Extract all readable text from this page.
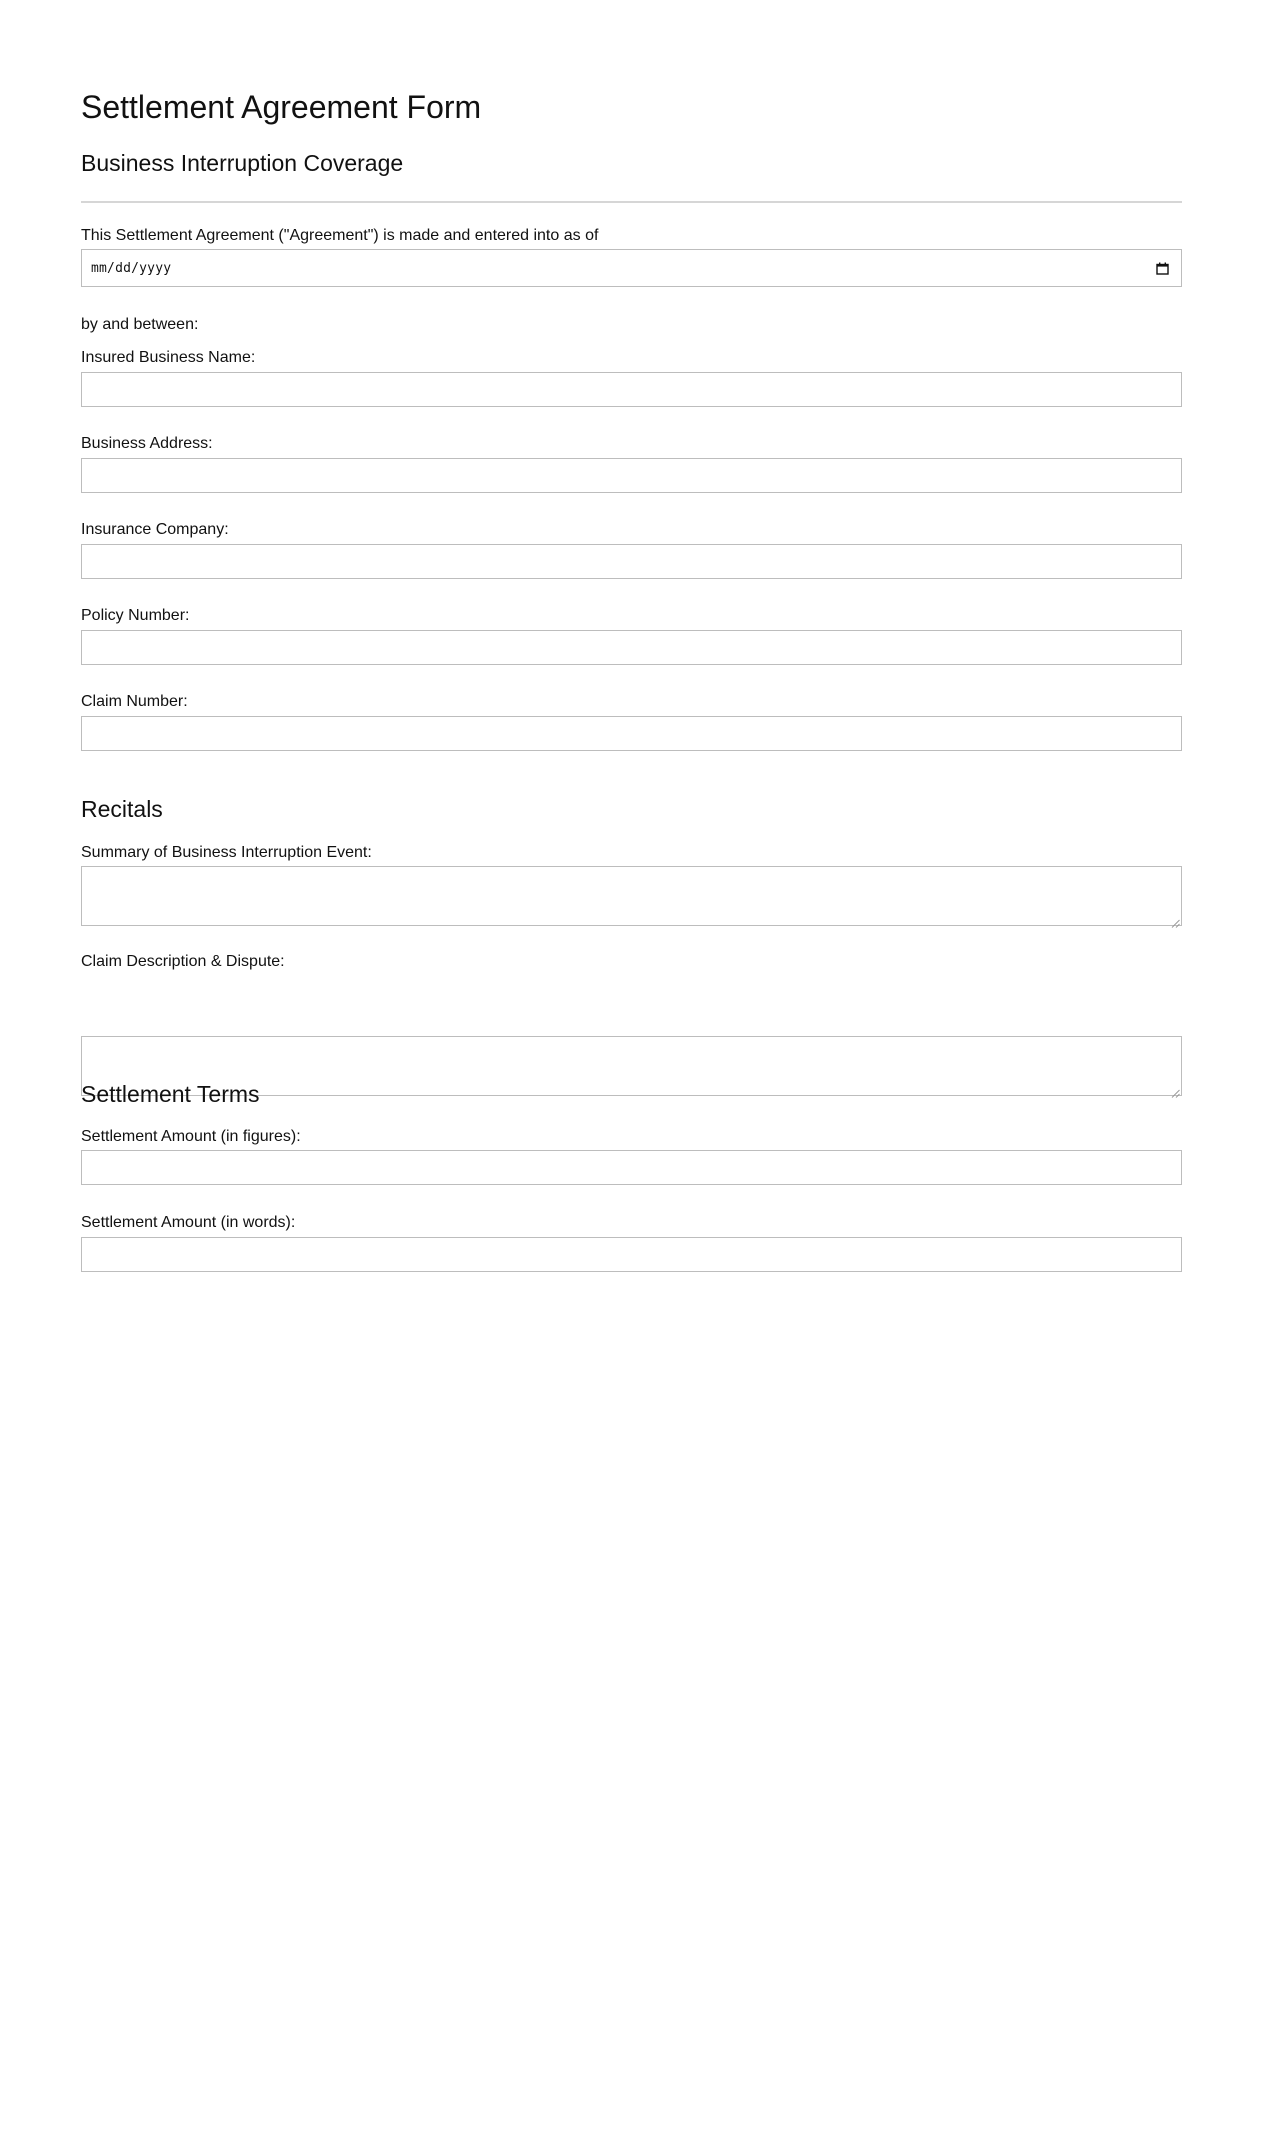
Settlement Agreement Form
Business Interruption Coverage
This Settlement Agreement ("Agreement") is made and entered into as of
mm/dd/yyyy
by and between:
Insured Business Name:
Business Address:
Insurance Company:
Policy Number:
Claim Number:
Recitals
Summary of Business Interruption Event:
Claim Description & Dispute:
Settlement Terms
Settlement Amount (in figures):
Settlement Amount (in words):
